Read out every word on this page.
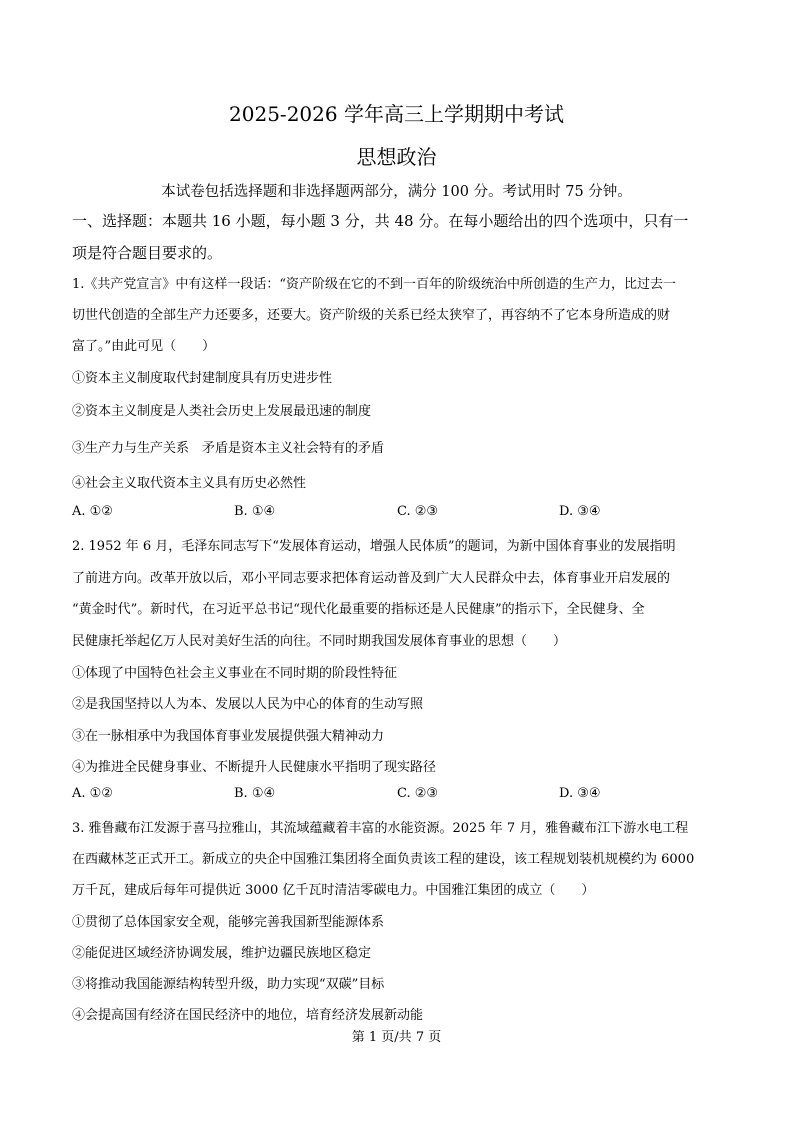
2025-2026 学年高三上学期期中考试
思想政治
本试卷包括选择题和非选择题两部分，满分 100 分。考试用时 75 分钟。
一、选择题：本题共 16 小题，每小题 3 分，共 48 分。在每小题给出的四个选项中，只有一
项是符合题目要求的。
1.《共产党宣言》中有这样一段话：“资产阶级在它的不到一百年的阶级统治中所创造的生产力，比过去一
切世代创造的全部生产力还要多，还要大。资产阶级的关系已经太狭窄了，再容纳不了它本身所造成的财
富了。”由此可见（　　）
①资本主义制度取代封建制度具有历史进步性
②资本主义制度是人类社会历史上发展最迅速的制度
③生产力与生产关系　矛盾是资本主义社会特有的矛盾
④社会主义取代资本主义具有历史必然性
A. ①②	B. ①④	C. ②③	D. ③④
2. 1952 年 6 月，毛泽东同志写下“发展体育运动，增强人民体质”的题词，为新中国体育事业的发展指明
了前进方向。改革开放以后，邓小平同志要求把体育运动普及到广大人民群众中去，体育事业开启发展的
“黄金时代”。新时代，在习近平总书记“现代化最重要的指标还是人民健康”的指示下，全民健身、全
民健康托举起亿万人民对美好生活的向往。不同时期我国发展体育事业的思想（　　）
①体现了中国特色社会主义事业在不同时期的阶段性特征
②是我国坚持以人为本、发展以人民为中心的体育的生动写照
③在一脉相承中为我国体育事业发展提供强大精神动力
④为推进全民健身事业、不断提升人民健康水平指明了现实路径
A. ①②	B. ①④	C. ②③	D. ③④
3. 雅鲁藏布江发源于喜马拉雅山，其流域蕴藏着丰富的水能资源。2025 年 7 月，雅鲁藏布江下游水电工程
在西藏林芝正式开工。新成立的央企中国雅江集团将全面负责该工程的建设，该工程规划装机规模约为 6000
万千瓦，建成后每年可提供近 3000 亿千瓦时清洁零碳电力。中国雅江集团的成立（　　）
①贯彻了总体国家安全观，能够完善我国新型能源体系
②能促进区域经济协调发展，维护边疆民族地区稳定
③将推动我国能源结构转型升级，助力实现“双碳”目标
④会提高国有经济在国民经济中的地位，培育经济发展新动能
第 1 页/共 7 页
